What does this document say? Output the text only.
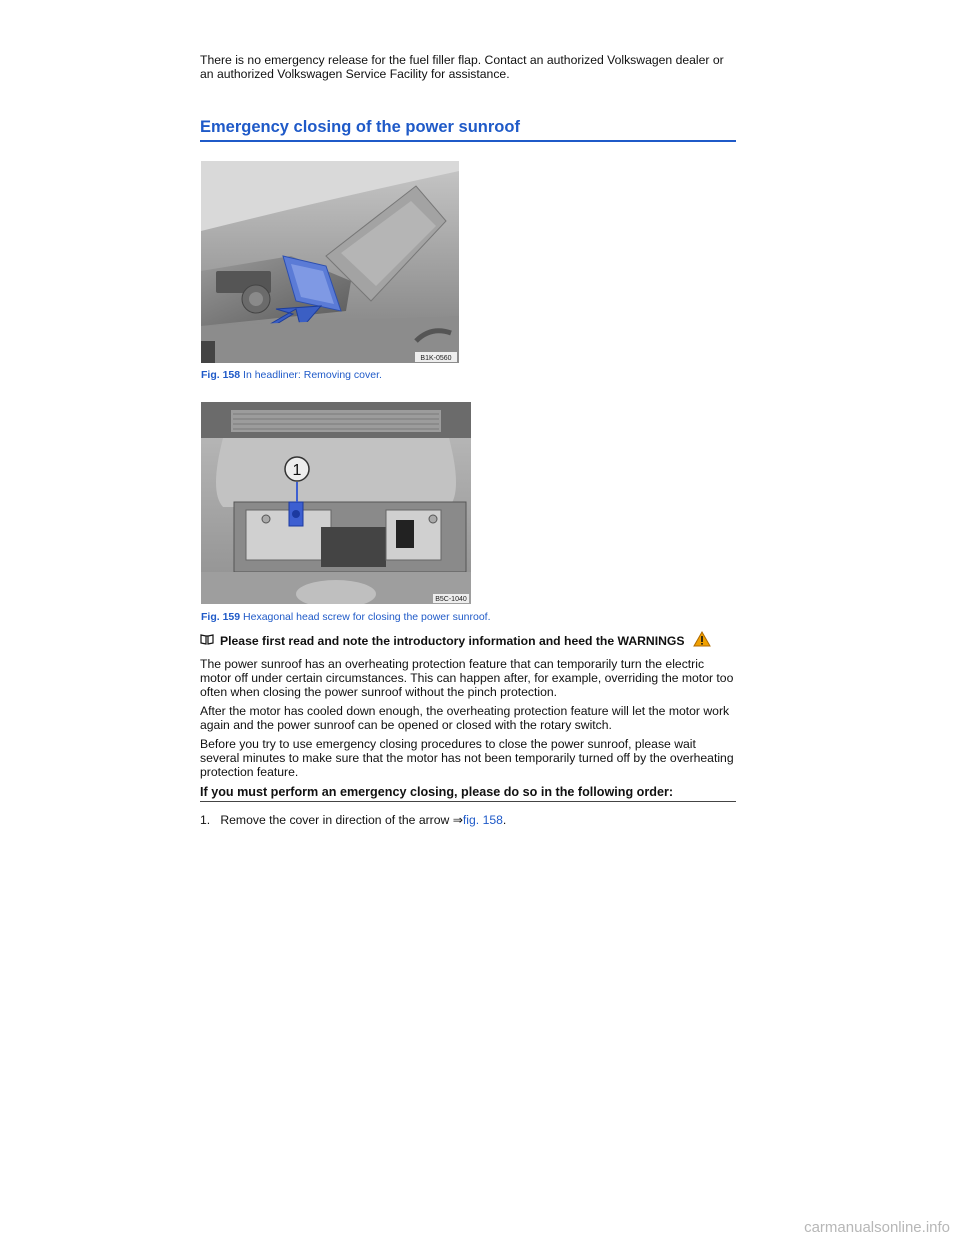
There is no emergency release for the fuel filler flap. Contact an authorized Volkswagen dealer or an authorized Volkswagen Service Facility for assistance.

Emergency closing of the power sunroof
B1K-0560
Fig. 158 In headliner: Removing cover.
1
B5C-1040
Fig. 159 Hexagonal head screw for closing the power sunroof.
Please first read and note the introductory information and heed the WARNINGS

The power sunroof has an overheating protection feature that can temporarily turn the electric motor off under certain circumstances. This can happen after, for example, overriding the motor too often when closing the power sunroof without the pinch protection.

After the motor has cooled down enough, the overheating protection feature will let the motor work again and the power sunroof can be opened or closed with the rotary switch.

Before you try to use emergency closing procedures to close the power sunroof, please wait several minutes to make sure that the motor has not been temporarily turned off by the overheating protection feature.

If you must perform an emergency closing, please do so in the following order:
1. Remove the cover in direction of the arrow ⇒fig. 158.
carmanualsonline.info
